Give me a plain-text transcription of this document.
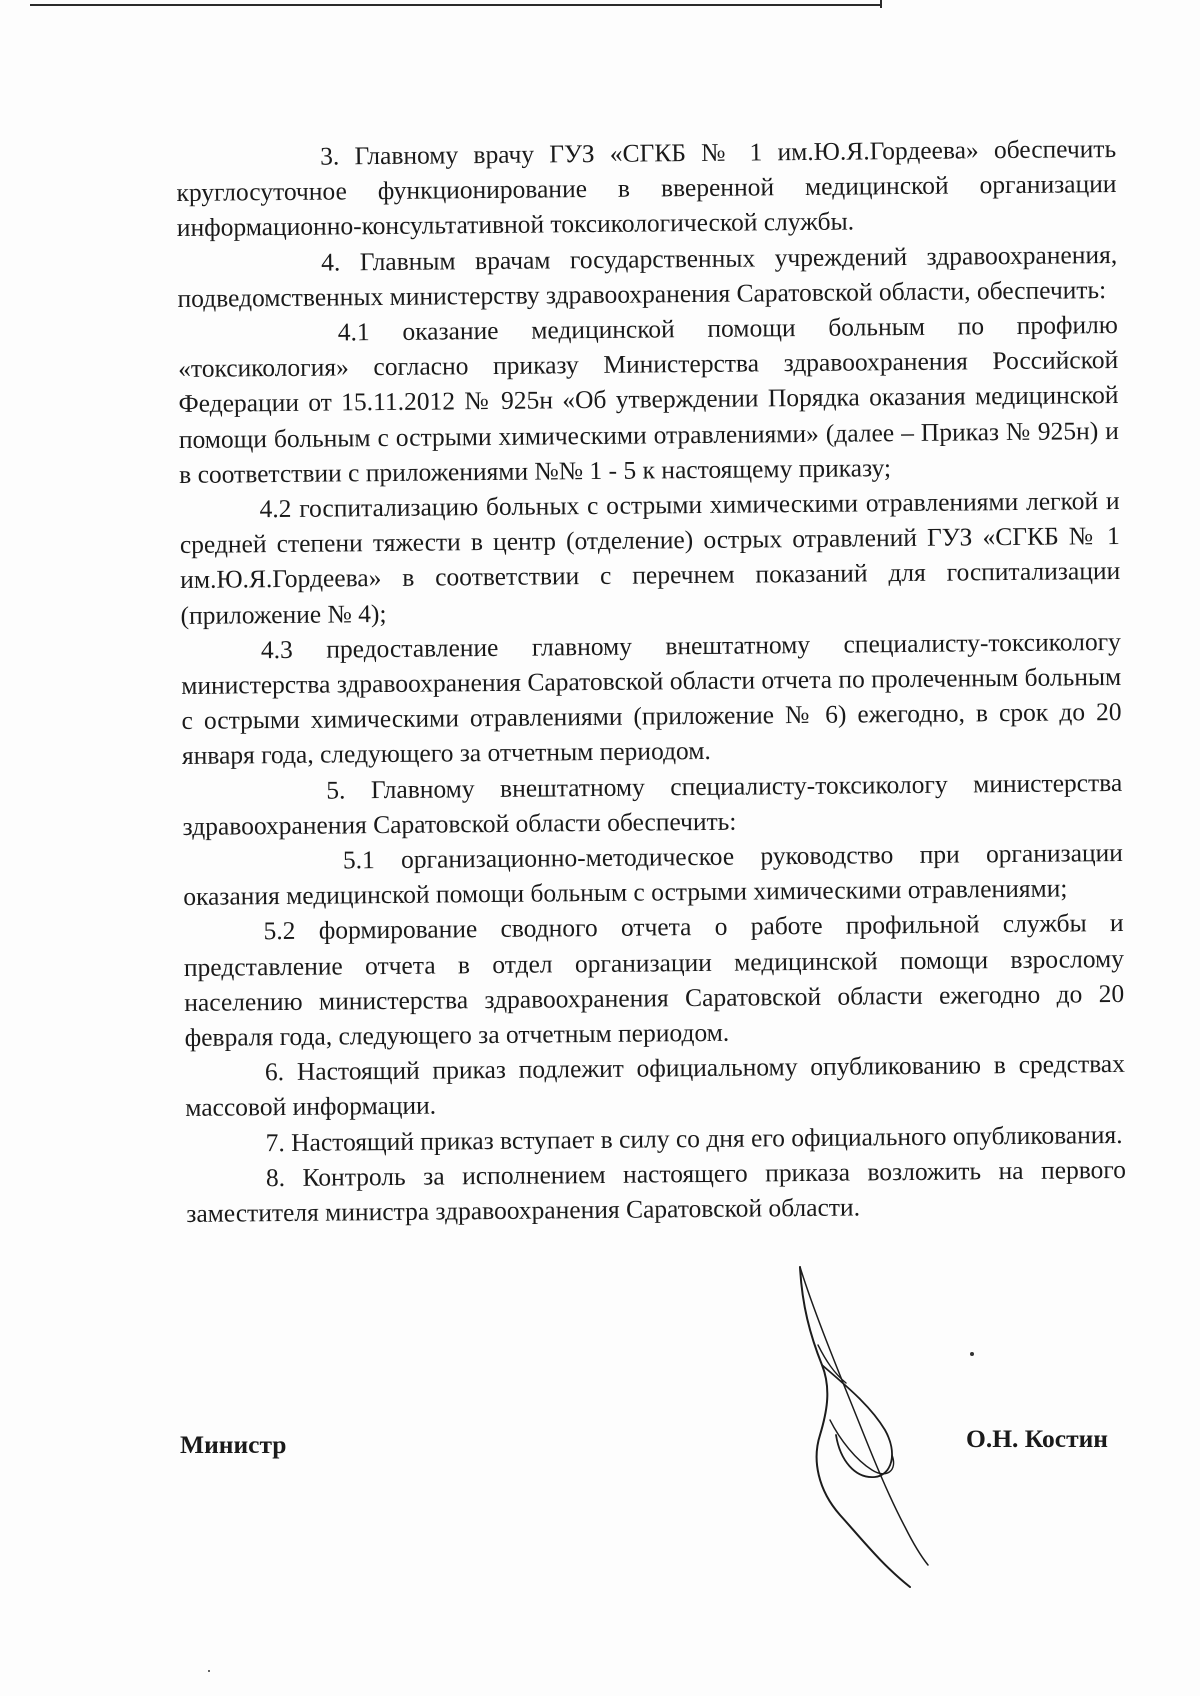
3. Главному врачу ГУЗ «СГКБ № 1 им.Ю.Я.Гордеева» обеспечить круглосуточное функционирование в вверенной медицинской организации информационно-консультативной токсикологической службы.

4. Главным врачам государственных учреждений здравоохранения, подведомственных министерству здравоохранения Саратовской области, обеспечить:

4.1 оказание медицинской помощи больным по профилю «токсикология» согласно приказу Министерства здравоохранения Российской Федерации от 15.11.2012 № 925н «Об утверждении Порядка оказания медицинской помощи больным с острыми химическими отравлениями» (далее – Приказ № 925н) и в соответствии с приложениями №№ 1 - 5 к настоящему приказу;

4.2 госпитализацию больных с острыми химическими отравлениями легкой и средней степени тяжести в центр (отделение) острых отравлений ГУЗ «СГКБ № 1 им.Ю.Я.Гордеева» в соответствии с перечнем показаний для госпитализации (приложение № 4);

4.3 предоставление главному внештатному специалисту-токсикологу министерства здравоохранения Саратовской области отчета по пролеченным больным с острыми химическими отравлениями (приложение № 6) ежегодно, в срок до 20 января года, следующего за отчетным периодом.

5. Главному внештатному специалисту-токсикологу министерства здравоохранения Саратовской области обеспечить:

5.1 организационно-методическое руководство при организации оказания медицинской помощи больным с острыми химическими отравлениями;

5.2 формирование сводного отчета о работе профильной службы и представление отчета в отдел организации медицинской помощи взрослому населению министерства здравоохранения Саратовской области ежегодно до 20 февраля года, следующего за отчетным периодом.

6. Настоящий приказ подлежит официальному опубликованию в средствах массовой информации.

7. Настоящий приказ вступает в силу со дня его официального опубликования.

8. Контроль за исполнением настоящего приказа возложить на первого заместителя министра здравоохранения Саратовской области.

Министр	О.Н. Костин
